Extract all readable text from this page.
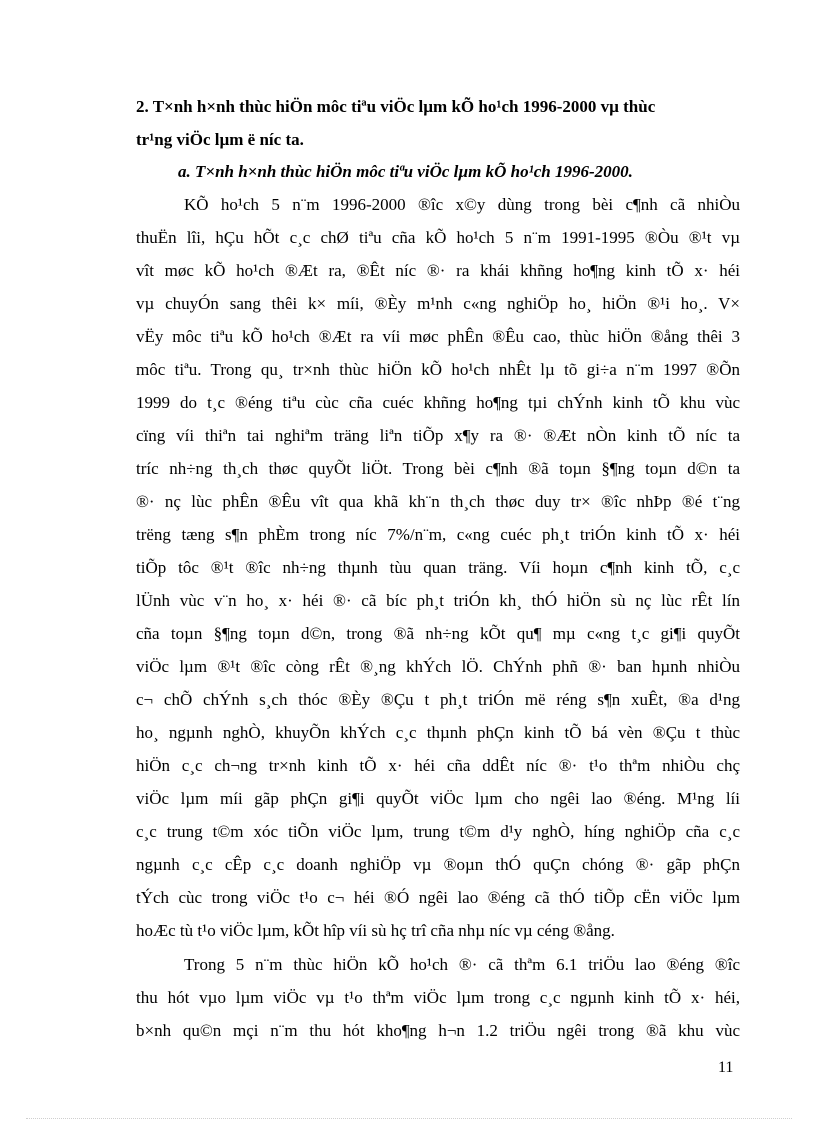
2. T×nh h×nh thùc hiÖn môc tiªu viÖc lµm kÕ ho¹ch 1996-2000 vµ thùc
tr¹ng viÖc lµm ë níc ta.
a. T×nh h×nh thùc hiÖn môc tiªu viÖc lµm kÕ ho¹ch 1996-2000.
KÕ ho¹ch 5 n¨m 1996-2000 ®îc x©y dùng trong bèi c¶nh cã nhiÒu
thuËn lîi, hÇu hÕt c¸c chØ tiªu cña kÕ ho¹ch 5 n¨m 1991-1995 ®Òu ®¹t vµ
vît møc kÕ ho¹ch ®Æt ra, ®Êt níc ®· ra khái khñng ho¶ng kinh tÕ x· héi
vµ chuyÓn sang thêi k× míi, ®Èy m¹nh c«ng nghiÖp ho¸ hiÖn ®¹i ho¸. V×
vËy môc tiªu kÕ ho¹ch ®Æt ra víi møc phÊn ®Êu cao, thùc hiÖn ®ång thêi 3
môc tiªu. Trong qu¸ tr×nh thùc hiÖn kÕ ho¹ch nhÊt lµ tõ gi÷a n¨m 1997 ®Õn
1999 do t¸c ®éng tiªu cùc cña cuéc khñng ho¶ng tµi chÝnh kinh tÕ khu vùc
cïng víi thiªn tai nghiªm träng liªn tiÕp x¶y ra ®· ®Æt nÒn kinh tÕ níc ta
tríc nh÷ng th¸ch thøc quyÕt liÖt. Trong bèi c¶nh ®ã toµn §¶ng toµn d©n ta
®· nç lùc phÊn ®Êu vît qua khã kh¨n th¸ch thøc duy tr× ®îc nhÞp ®é t¨ng
trëng tæng s¶n phÈm trong níc 7%/n¨m, c«ng cuéc ph¸t triÓn kinh tÕ x· héi
tiÕp tôc ®¹t ®îc nh÷ng thµnh tùu quan träng. Víi hoµn c¶nh kinh tÕ, c¸c
lÜnh vùc v¨n ho¸ x· héi ®· cã bíc ph¸t triÓn kh¸ thÓ hiÖn sù nç lùc rÊt lín
cña toµn §¶ng toµn d©n, trong ®ã nh÷ng kÕt qu¶ mµ c«ng t¸c gi¶i quyÕt
viÖc lµm ®¹t ®îc còng rÊt ®¸ng khÝch lÖ. ChÝnh phñ ®· ban hµnh nhiÒu
c¬ chÕ chÝnh s¸ch thóc ®Èy ®Çu t ph¸t triÓn më réng s¶n xuÊt, ®a d¹ng
ho¸ ngµnh nghÒ, khuyÕn khÝch c¸c thµnh phÇn kinh tÕ bá vèn ®Çu t thùc
hiÖn c¸c ch¬ng tr×nh kinh tÕ x· héi cña ddÊt níc ®· t¹o thªm nhiÒu chç
viÖc lµm míi gãp phÇn gi¶i quyÕt viÖc lµm cho ngêi lao ®éng. M¹ng líi
c¸c trung t©m xóc tiÕn viÖc lµm, trung t©m d¹y nghÒ, híng nghiÖp cña c¸c
ngµnh c¸c cÊp c¸c doanh nghiÖp vµ ®oµn thÓ quÇn chóng ®· gãp phÇn
tÝch cùc trong viÖc t¹o c¬ héi ®Ó ngêi lao ®éng cã thÓ tiÕp cËn viÖc lµm
hoÆc tù t¹o viÖc lµm, kÕt hîp víi sù hç trî cña nhµ níc vµ céng ®ång.
Trong 5 n¨m thùc hiÖn kÕ ho¹ch ®· cã thªm 6.1 triÖu lao ®éng ®îc
thu hót vµo lµm viÖc vµ t¹o thªm viÖc lµm trong c¸c ngµnh kinh tÕ x· héi,
b×nh qu©n mçi n¨m thu hót kho¶ng h¬n 1.2 triÖu ngêi trong ®ã khu vùc
11
